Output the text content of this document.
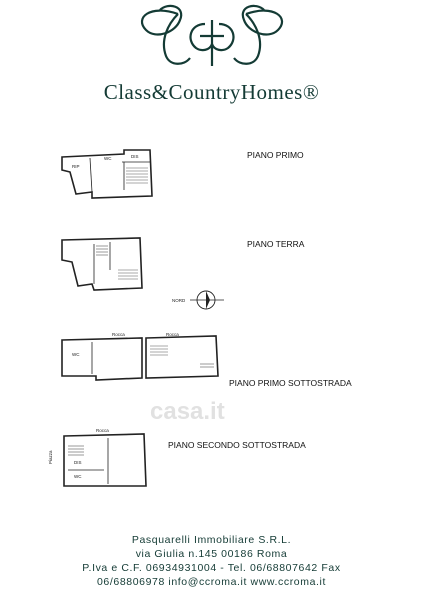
Class&CountryHomes®
RIP
WC	DIS	PIANO PRIMO
PIANO TERRA
NORD
WC
Rocca	Rocca
PIANO PRIMO SOTTOSTRADA
casa.it
Rocca
DIS
WC
Piazza
PIANO SECONDO SOTTOSTRADA
Pasquarelli Immobiliare S.R.L.
via Giulia n.145 00186 Roma
P.Iva e C.F. 06934931004 - Tel. 06/68807642 Fax
06/68806978 info@ccroma.it www.ccroma.it
